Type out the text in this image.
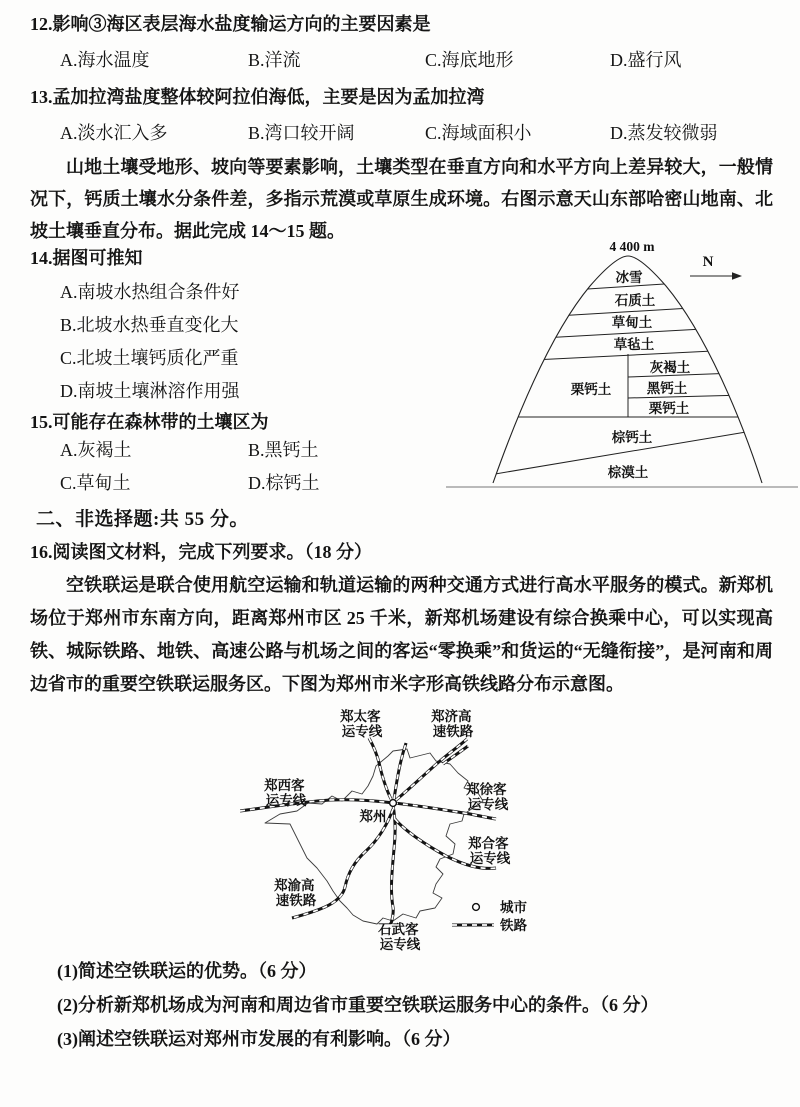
12.影响③海区表层海水盐度输运方向的主要因素是
A.海水温度	B.洋流	C.海底地形	D.盛行风
13.孟加拉湾盐度整体较阿拉伯海低，主要是因为孟加拉湾
A.淡水汇入多	B.湾口较开阔	C.海域面积小	D.蒸发较微弱
山地土壤受地形、坡向等要素影响，土壤类型在垂直方向和水平方向上差异较大，一般情况下，钙质土壤水分条件差，多指示荒漠或草原生成环境。右图示意天山东部哈密山地南、北坡土壤垂直分布。据此完成 14～15 题。
14.据图可推知
A.南坡水热组合条件好
B.北坡水热垂直变化大
C.北坡土壤钙质化严重
D.南坡土壤淋溶作用强
15.可能存在森林带的土壤区为
A.灰褐土	B.黑钙土
C.草甸土	D.棕钙土
4 400 m
N
冰雪
石质土
草甸土
草毡土
灰褐土
栗钙土	黑钙土
栗钙土
棕钙土
棕漠土
二、非选择题:共 55 分。
16.阅读图文材料，完成下列要求。（18 分）
空铁联运是联合使用航空运输和轨道运输的两种交通方式进行高水平服务的模式。新郑机场位于郑州市东南方向，距离郑州市区 25 千米，新郑机场建设有综合换乘中心，可以实现高铁、城际铁路、地铁、高速公路与机场之间的客运“零换乘”和货运的“无缝衔接”，是河南和周边省市的重要空铁联运服务区。下图为郑州市米字形高铁线路分布示意图。
郑太客 运专线
郑济高 速铁路
郑西客 运专线
郑徐客 运专线
郑州
郑合客 运专线
郑渝高 速铁路
石武客 运专线
城市
铁路
(1)简述空铁联运的优势。（6 分）
(2)分析新郑机场成为河南和周边省市重要空铁联运服务中心的条件。（6 分）
(3)阐述空铁联运对郑州市发展的有利影响。（6 分）
